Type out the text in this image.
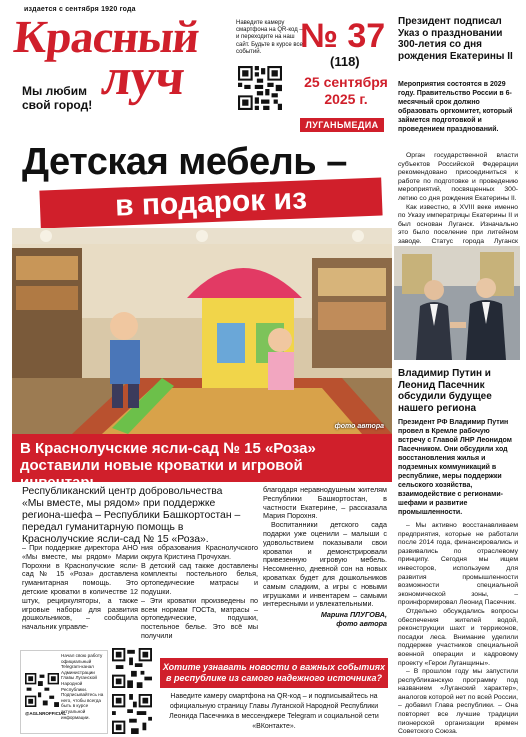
издается с сентября 1920 года
Красный
луч
Мы любим свой город!
Наведите камеру смартфона на QR-код – и переходите на наш сайт. Будьте в курсе всех событий.	№ 37
(118)
25 сентября 2025 г.
ЛУГАНЬМЕДИА
Детская мебель –
в подарок из
фото автора
В Краснолучские ясли-сад № 15 «Роза» доставили новые кроватки и игровой инвентарь
Республиканский центр добровольчества «Мы вместе, мы рядом» при поддержке региона-шефа – Республики Башкортостан – передал гуманитарную помощь в Краснолучские ясли-сад № 15 «Роза».
– При поддержке директора АНО «Мы вместе, мы рядом» Марии Порохни в Краснолучские ясли-сад № 15 «Роза» доставлена гуманитарная помощь. Это детские кроватки в количестве 12 штук, рециркуляторы, а также игровые наборы для развития дошкольников, – сообщила начальник управле-

ния образования Краснолучского округа Кристина Прочухан.

В детский сад также доставлены комплекты постельного белья, ортопедические матрасы и подушки.

– Эти кроватки произведены по всем нормам ГОСТа, матрасы – ортопедические, подушки, постельное белье. Это всё мы получили

благодаря неравнодушным жителям Республики Башкортостан, в частности Екатерине, – рассказала Мария Порохня.

Воспитанники детского сада подарки уже оценили – малыши с удовольствием показывали свои кроватки и демонстрировали привезенную игровую мебель. Несомненно, дневной сон на новых кроватках будет для дошкольников самым сладким, а игры с новыми игрушками и инвентарем – самыми интересными и увлекательными.

Марина ПЛУГОВА,
фото автора
Начал свою работу официальный Telegram-канал Администрации Главы Луганской Народной Республики. Подписывайтесь на него, чтобы всегда быть в курсе актуальной информации.
@AGLNROFFICIAL
Хотите узнавать новости о важных событиях в республике из самого надежного источника?
Наведите камеру смартфона на QR-код – и подписывайтесь на официальную страницу Главы Луганской Народной Республики Леонида Пасечника в мессенджере Telegram и социальной сети «ВКонтакте».
Президент подписал Указ о праздновании 300-летия со дня рождения Екатерины II
Мероприятия состоятся в 2029 году. Правительство России в 6-месячный срок должно образовать оргкомитет, который займется подготовкой и проведением празднований.

Орган государственной власти субъектов Российской Федерации рекомендовано присоединиться к работе по подготовке и проведению мероприятий, посвященных 300-летию со дня рождения Екатерины II.

Как известно, в XVIII веке именно по Указу императрицы Екатерины II и был основан Луганск. Изначально это было поселение при литейном заводе. Статус города Луганск

Владимир Путин и Леонид Пасечник обсудили будущее нашего региона
Президент РФ Владимир Путин провел в Кремле рабочую встречу с Главой ЛНР Леонидом Пасечником. Они обсудили ход восстановления жилья и подземных коммуникаций в республике, меры поддержки сельского хозяйства, взаимодействие с регионами-шефами и развитие промышленности.

– Мы активно восстанавливаем предприятия, которые не работали после 2014 года, финансировались и развивались по отраслевому принципу. Сегодня мы ищем инвесторов, используем для развития промышленности возможности специальной экономической зоны, – проинформировал Леонид Пасечник.

Отдельно обсуждались вопросы обеспечения жителей водой, реконструкции шахт и терриконов, посадки леса. Внимание уделили поддержке участников специальной военной операции и кадровому проекту «Герои Луганщины».

– В прошлом году мы запустили республиканскую программу под названием «Луганский характер», аналогов которой нет по всей России, – добавил Глава республики. – Она повторяет все лучшие традиции пионерской организации времен Советского Союза.
